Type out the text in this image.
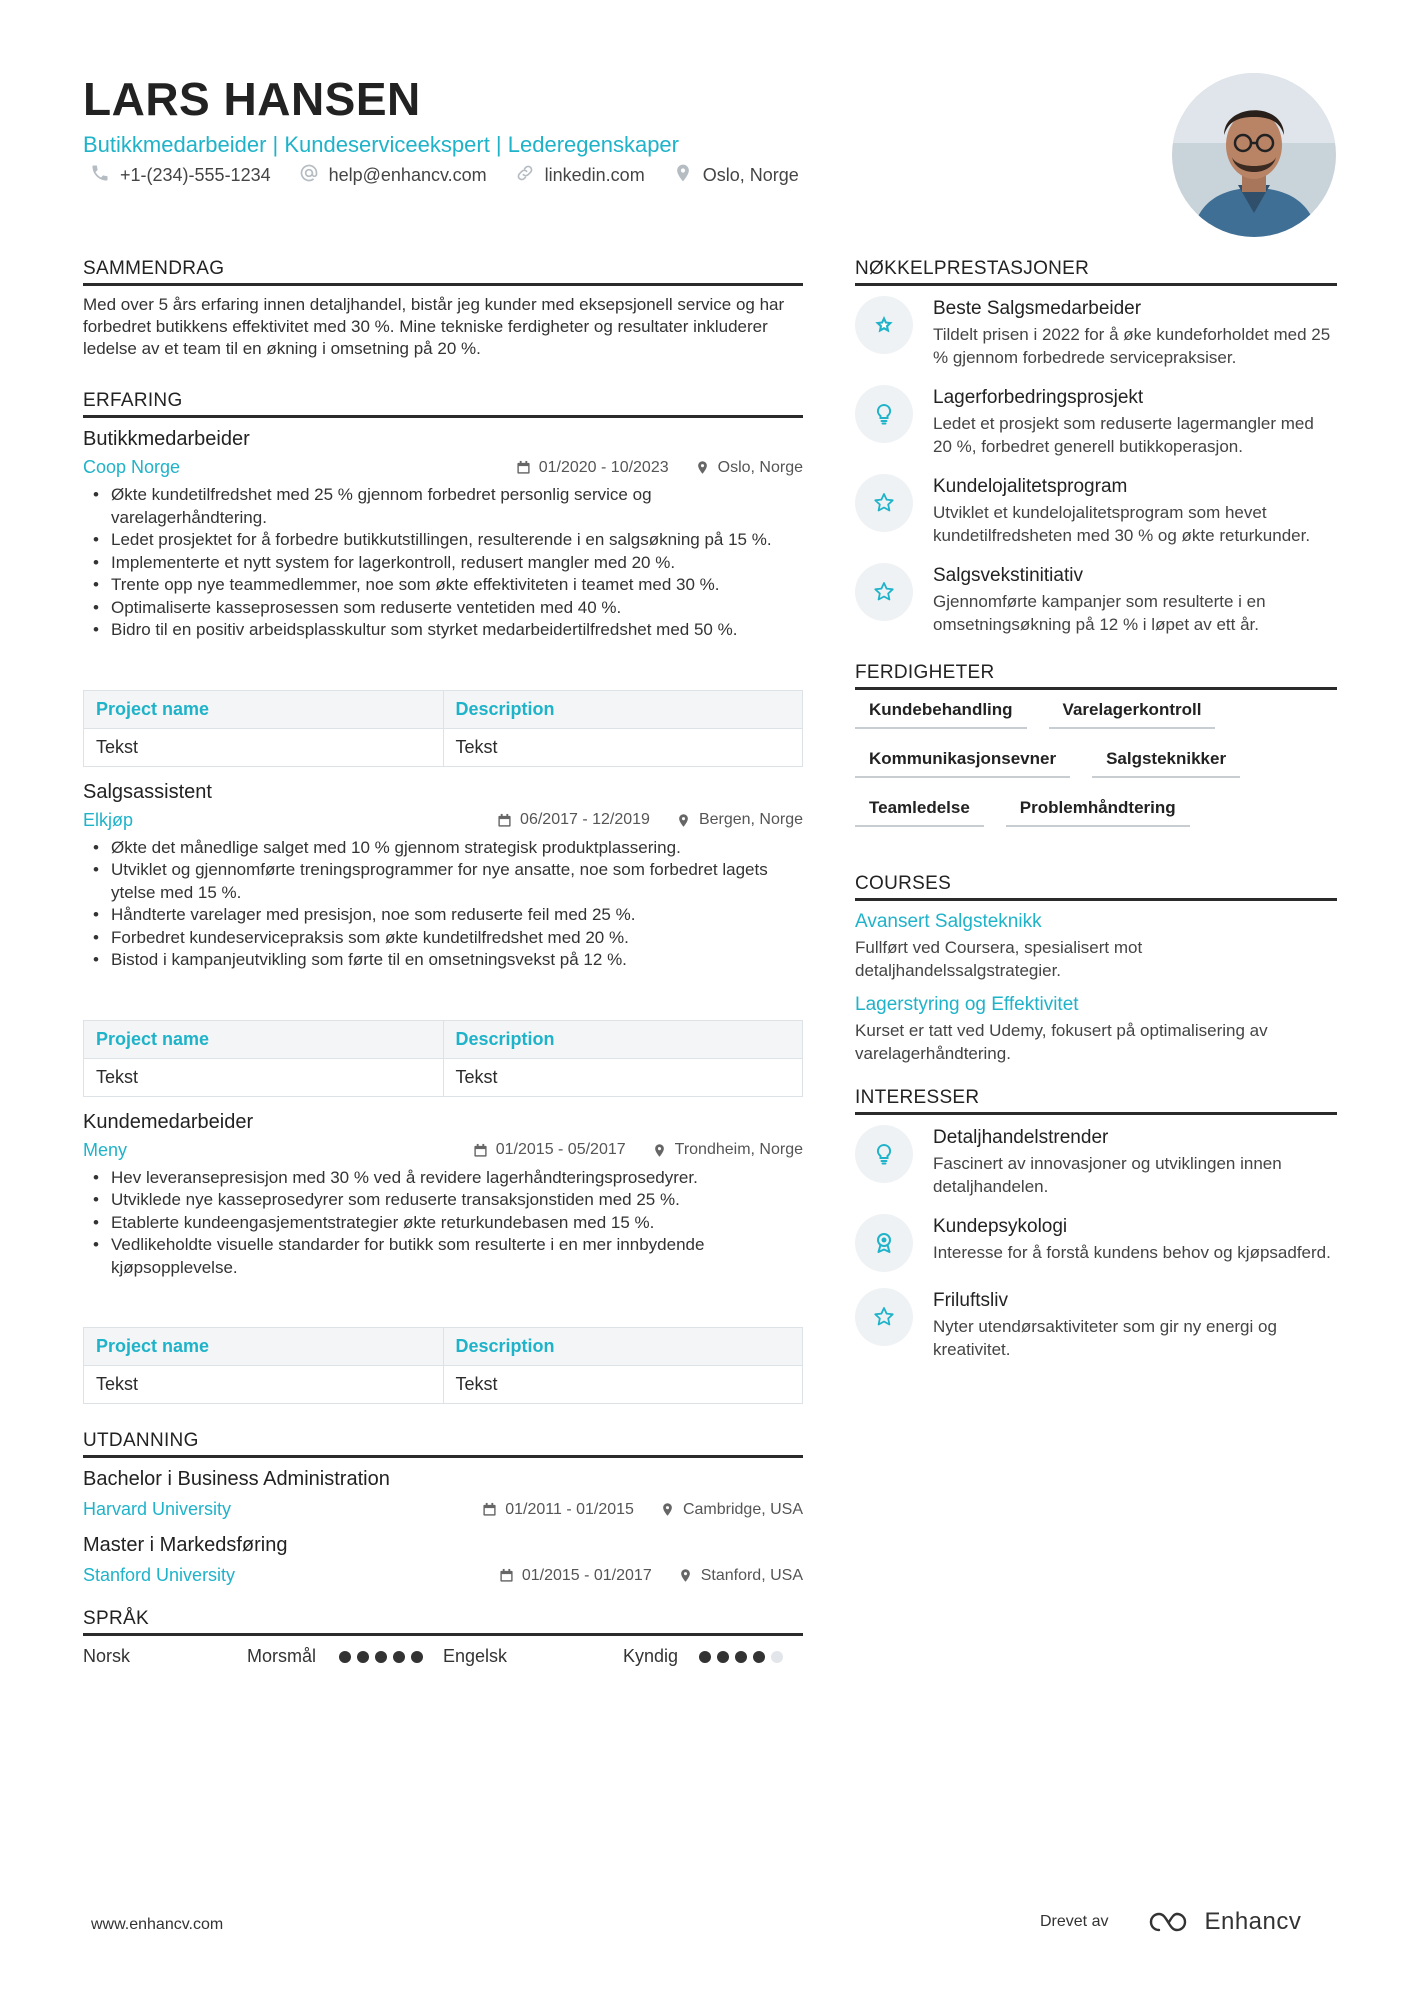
LARS HANSEN
Butikkmedarbeider | Kundeserviceekspert | Lederegenskaper
+1-(234)-555-1234	help@enhancv.com	linkedin.com	Oslo, Norge
SAMMENDRAG
Med over 5 års erfaring innen detaljhandel, bistår jeg kunder med eksepsjonell service og har forbedret butikkens effektivitet med 30 %. Mine tekniske ferdigheter og resultater inkluderer ledelse av et team til en økning i omsetning på 20 %.
ERFARING
Butikkmedarbeider
Coop Norge	01/2020 - 10/2023	Oslo, Norge
• Økte kundetilfredshet med 25 % gjennom forbedret personlig service og varelagerhåndtering.
• Ledet prosjektet for å forbedre butikkutstillingen, resulterende i en salgsøkning på 15 %.
• Implementerte et nytt system for lagerkontroll, redusert mangler med 20 %.
• Trente opp nye teammedlemmer, noe som økte effektiviteten i teamet med 30 %.
• Optimaliserte kasseprosessen som reduserte ventetiden med 40 %.
• Bidro til en positiv arbeidsplasskultur som styrket medarbeidertilfredshet med 50 %.
Project name	Description
Tekst	Tekst
Salgsassistent
Elkjøp	06/2017 - 12/2019	Bergen, Norge
• Økte det månedlige salget med 10 % gjennom strategisk produktplassering.
• Utviklet og gjennomførte treningsprogrammer for nye ansatte, noe som forbedret lagets ytelse med 15 %.
• Håndterte varelager med presisjon, noe som reduserte feil med 25 %.
• Forbedret kundeservicepraksis som økte kundetilfredshet med 20 %.
• Bistod i kampanjeutvikling som førte til en omsetningsvekst på 12 %.
Project name	Description
Tekst	Tekst
Kundemedarbeider
Meny	01/2015 - 05/2017	Trondheim, Norge
• Hev leveransepresisjon med 30 % ved å revidere lagerhåndteringsprosedyrer.
• Utviklede nye kasseprosedyrer som reduserte transaksjonstiden med 25 %.
• Etablerte kundeengasjementstrategier økte returkundebasen med 15 %.
• Vedlikeholdte visuelle standarder for butikk som resulterte i en mer innbydende kjøpsopplevelse.
Project name	Description
Tekst	Tekst
UTDANNING
Bachelor i Business Administration
Harvard University	01/2011 - 01/2015	Cambridge, USA
Master i Markedsføring
Stanford University	01/2015 - 01/2017	Stanford, USA
SPRÅK
Norsk	Morsmål	Engelsk	Kyndig
NØKKELPRESTASJONER
Beste Salgsmedarbeider
Tildelt prisen i 2022 for å øke kundeforholdet med 25 % gjennom forbedrede servicepraksiser.
Lagerforbedringsprosjekt
Ledet et prosjekt som reduserte lagermangler med 20 %, forbedret generell butikkoperasjon.
Kundelojalitetsprogram
Utviklet et kundelojalitetsprogram som hevet kundetilfredsheten med 30 % og økte returkunder.
Salgsvekstinitiativ
Gjennomførte kampanjer som resulterte i en omsetningsøkning på 12 % i løpet av ett år.
FERDIGHETER
Kundebehandling	Varelagerkontroll
Kommunikasjonsevner	Salgsteknikker
Teamledelse	Problemhåndtering
COURSES
Avansert Salgsteknikk
Fullført ved Coursera, spesialisert mot detaljhandelssalgstrategier.
Lagerstyring og Effektivitet
Kurset er tatt ved Udemy, fokusert på optimalisering av varelagerhåndtering.
INTERESSER
Detaljhandelstrender
Fascinert av innovasjoner og utviklingen innen detaljhandelen.
Kundepsykologi
Interesse for å forstå kundens behov og kjøpsadferd.
Friluftsliv
Nyter utendørsaktiviteter som gir ny energi og kreativitet.
www.enhancv.com	Drevet av	Enhancv
